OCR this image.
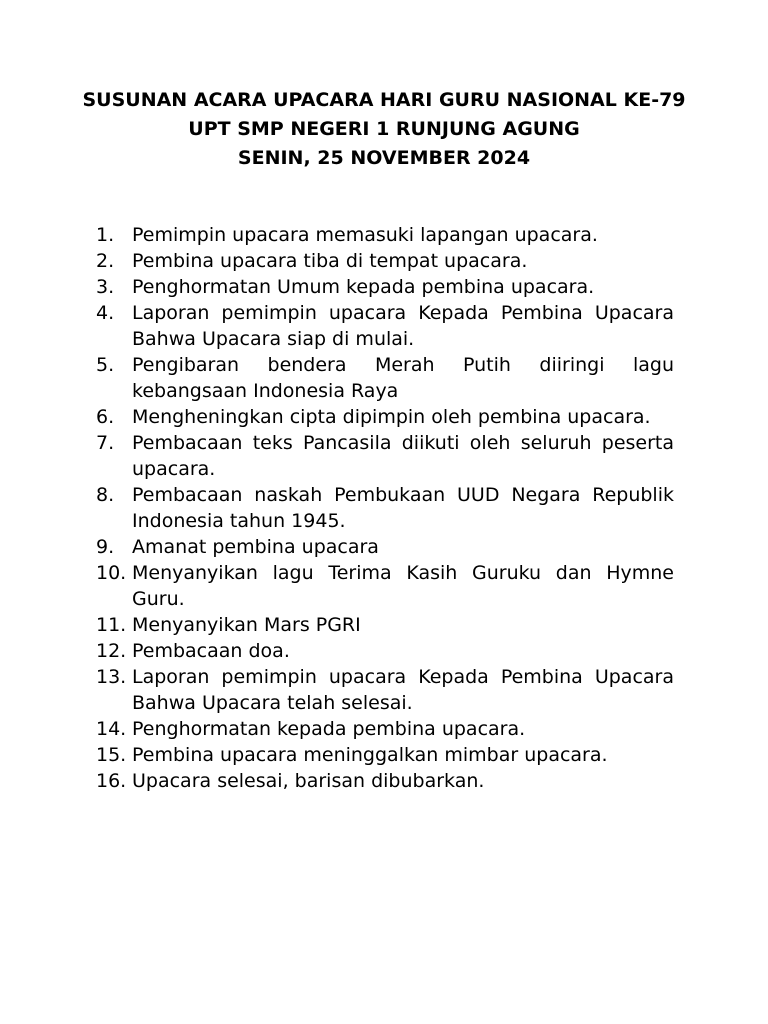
SUSUNAN ACARA UPACARA HARI GURU NASIONAL KE-79
UPT SMP NEGERI 1 RUNJUNG AGUNG
SENIN, 25 NOVEMBER 2024
1. Pemimpin upacara memasuki lapangan upacara.
2. Pembina upacara tiba di tempat upacara.
3. Penghormatan Umum kepada pembina upacara.
4. Laporan pemimpin upacara Kepada Pembina Upacara Bahwa Upacara siap di mulai.
5. Pengibaran bendera Merah Putih diiringi lagu kebangsaan Indonesia Raya
6. Mengheningkan cipta dipimpin oleh pembina upacara.
7. Pembacaan teks Pancasila diikuti oleh seluruh peserta upacara.
8. Pembacaan naskah Pembukaan UUD Negara Republik Indonesia tahun 1945.
9. Amanat pembina upacara
10. Menyanyikan lagu Terima Kasih Guruku dan Hymne Guru.
11. Menyanyikan Mars PGRI
12. Pembacaan doa.
13. Laporan pemimpin upacara Kepada Pembina Upacara Bahwa Upacara telah selesai.
14. Penghormatan kepada pembina upacara.
15. Pembina upacara meninggalkan mimbar upacara.
16. Upacara selesai, barisan dibubarkan.
